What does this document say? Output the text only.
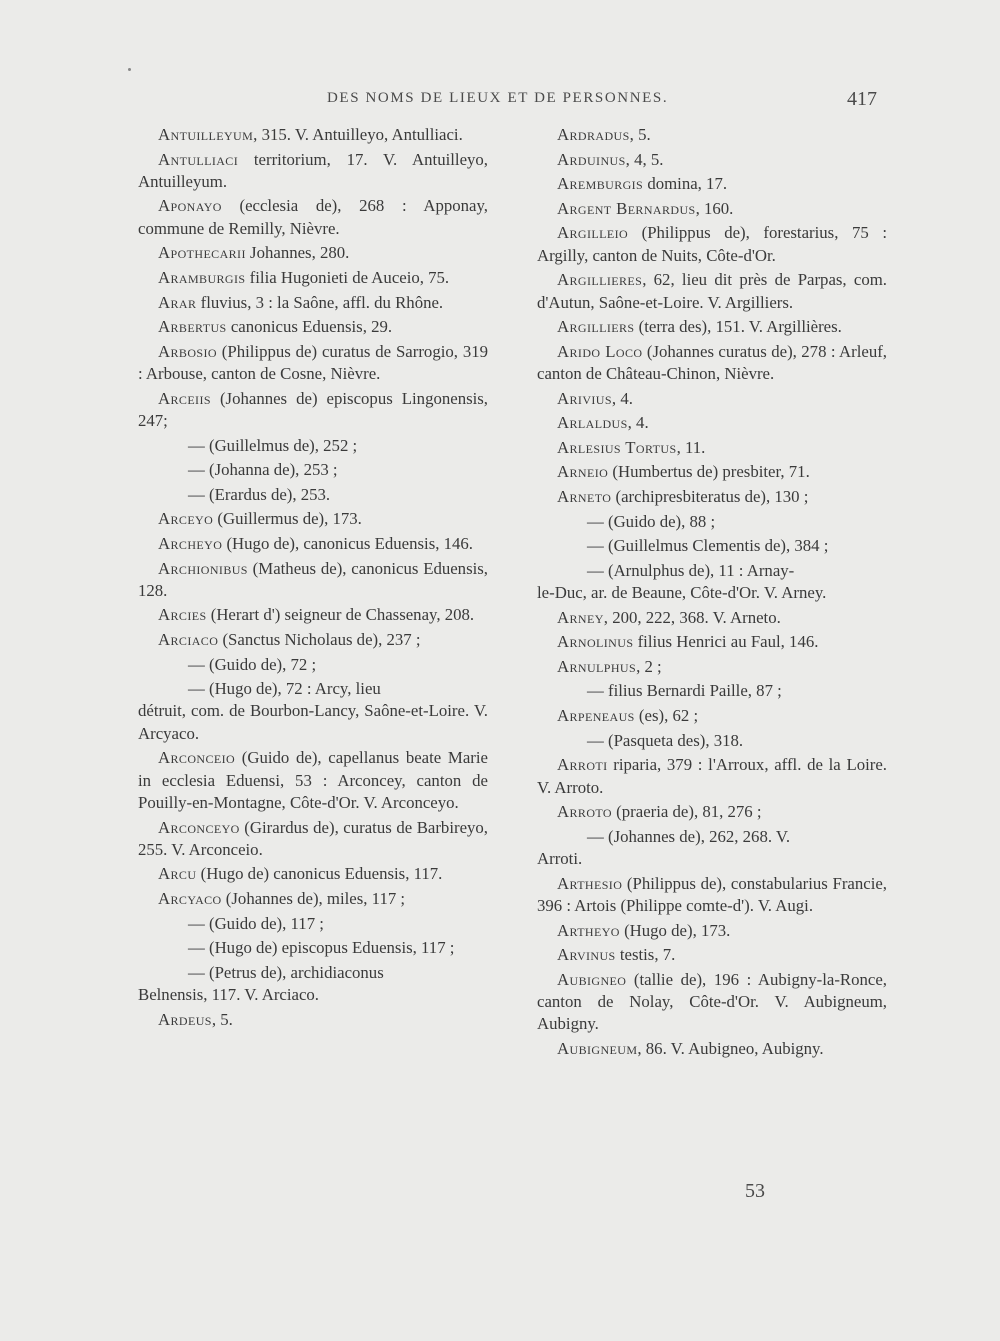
DES NOMS DE LIEUX ET DE PERSONNES.	417

Antuilleyum, 315. V. Antuilleyo, Antulliaci.

Antulliaci territorium, 17. V. Antuilleyo, Antuilleyum.

Aponayo (ecclesia de), 268 : Apponay, commune de Remilly, Nièvre.

Apothecarii Johannes, 280.

Aramburgis filia Hugonieti de Auceio, 75.

Arar fluvius, 3 : la Saône, affl. du Rhône.

Arbertus canonicus Eduensis, 29.

Arbosio (Philippus de) curatus de Sarrogio, 319 : Arbouse, canton de Cosne, Nièvre.

Arceiis (Johannes de) episcopus Lingonensis, 247;

— (Guillelmus de), 252 ;

— (Johanna de), 253 ;

— (Erardus de), 253.

Arceyo (Guillermus de), 173.

Archeyo (Hugo de), canonicus Eduensis, 146.

Archionibus (Matheus de), canonicus Eduensis, 128.

Arcies (Herart d') seigneur de Chassenay, 208.

Arciaco (Sanctus Nicholaus de), 237 ;

— (Guido de), 72 ;

— (Hugo de), 72 : Arcy, lieu
détruit, com. de Bourbon-Lancy, Saône-et-Loire. V. Arcyaco.

Arconceio (Guido de), capellanus beate Marie in ecclesia Eduensi, 53 : Arconcey, canton de Pouilly-en-Montagne, Côte-d'Or. V. Arconceyo.

Arconceyo (Girardus de), curatus de Barbireyo, 255. V. Arconceio.

Arcu (Hugo de) canonicus Eduensis, 117.

Arcyaco (Johannes de), miles, 117 ;

— (Guido de), 117 ;

— (Hugo de) episcopus Eduensis, 117 ;

— (Petrus de), archidiaconus
Belnensis, 117. V. Arciaco.

Ardeus, 5.

Ardradus, 5.

Arduinus, 4, 5.

Aremburgis domina, 17.

Argent Bernardus, 160.

Argilleio (Philippus de), forestarius, 75 : Argilly, canton de Nuits, Côte-d'Or.

Argillieres, 62, lieu dit près de Parpas, com. d'Autun, Saône-et-Loire. V. Argilliers.

Argilliers (terra des), 151. V. Argillières.

Arido Loco (Johannes curatus de), 278 : Arleuf, canton de Château-Chinon, Nièvre.

Arivius, 4.

Arlaldus, 4.

Arlesius Tortus, 11.

Arneio (Humbertus de) presbiter, 71.

Arneto (archipresbiteratus de), 130 ;

— (Guido de), 88 ;

— (Guillelmus Clementis de), 384 ;

— (Arnulphus de), 11 : Arnay-
le-Duc, ar. de Beaune, Côte-d'Or. V. Arney.

Arney, 200, 222, 368. V. Arneto.

Arnolinus filius Henrici au Faul, 146.

Arnulphus, 2 ;

— filius Bernardi Paille, 87 ;

Arpeneaus (es), 62 ;

— (Pasqueta des), 318.

Arroti riparia, 379 : l'Arroux, affl. de la Loire. V. Arroto.

Arroto (praeria de), 81, 276 ;

— (Johannes de), 262, 268. V.
Arroti.

Arthesio (Philippus de), constabularius Francie, 396 : Artois (Philippe comte-d'). V. Augi.

Artheyo (Hugo de), 173.

Arvinus testis, 7.

Aubigneo (tallie de), 196 : Aubigny-la-Ronce, canton de Nolay, Côte-d'Or. V. Aubigneum, Aubigny.

Aubigneum, 86. V. Aubigneo, Aubigny.

53
